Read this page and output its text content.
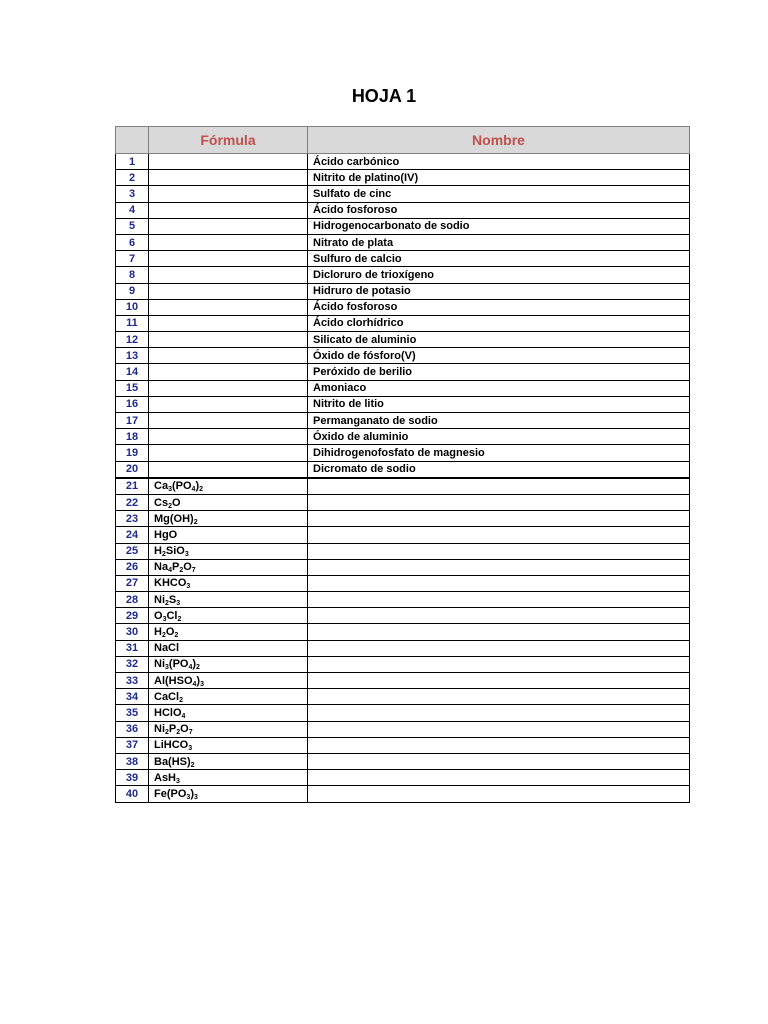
HOJA 1
	Fórmula	Nombre
1		Ácido carbónico
2		Nitrito de platino(IV)
3		Sulfato de cinc
4		Ácido fosforoso
5		Hidrogenocarbonato de sodio
6		Nitrato de plata
7		Sulfuro de calcio
8		Dicloruro de trioxígeno
9		Hidruro de potasio
10		Ácido fosforoso
11		Ácido clorhídrico
12		Silicato de aluminio
13		Óxido de fósforo(V)
14		Peróxido de berilio
15		Amoniaco
16		Nitrito de litio
17		Permanganato de sodio
18		Óxido de aluminio
19		Dihidrogenofosfato de magnesio
20		Dicromato de sodio
21	$Ca_3(PO_4)_2$	
22	$Cs_2O$	
23	$Mg(OH)_2$	
24	HgO	
25	$H_2SiO_3$	
26	$Na_4P_2O_7$	
27	$KHCO_3$	
28	$Ni_2S_3$	
29	$O_3Cl_2$	
30	$H_2O_2$	
31	NaCl	
32	$Ni_3(PO_4)_2$	
33	$Al(HSO_4)_3$	
34	CaCl$_2$	
35	HClO$_4$	
36	$Ni_2P_2O_7$	
37	LiHCO$_3$	
38	$Ba(HS)_2$	
39	AsH$_3$	
40	$Fe(PO_3)_3$	
